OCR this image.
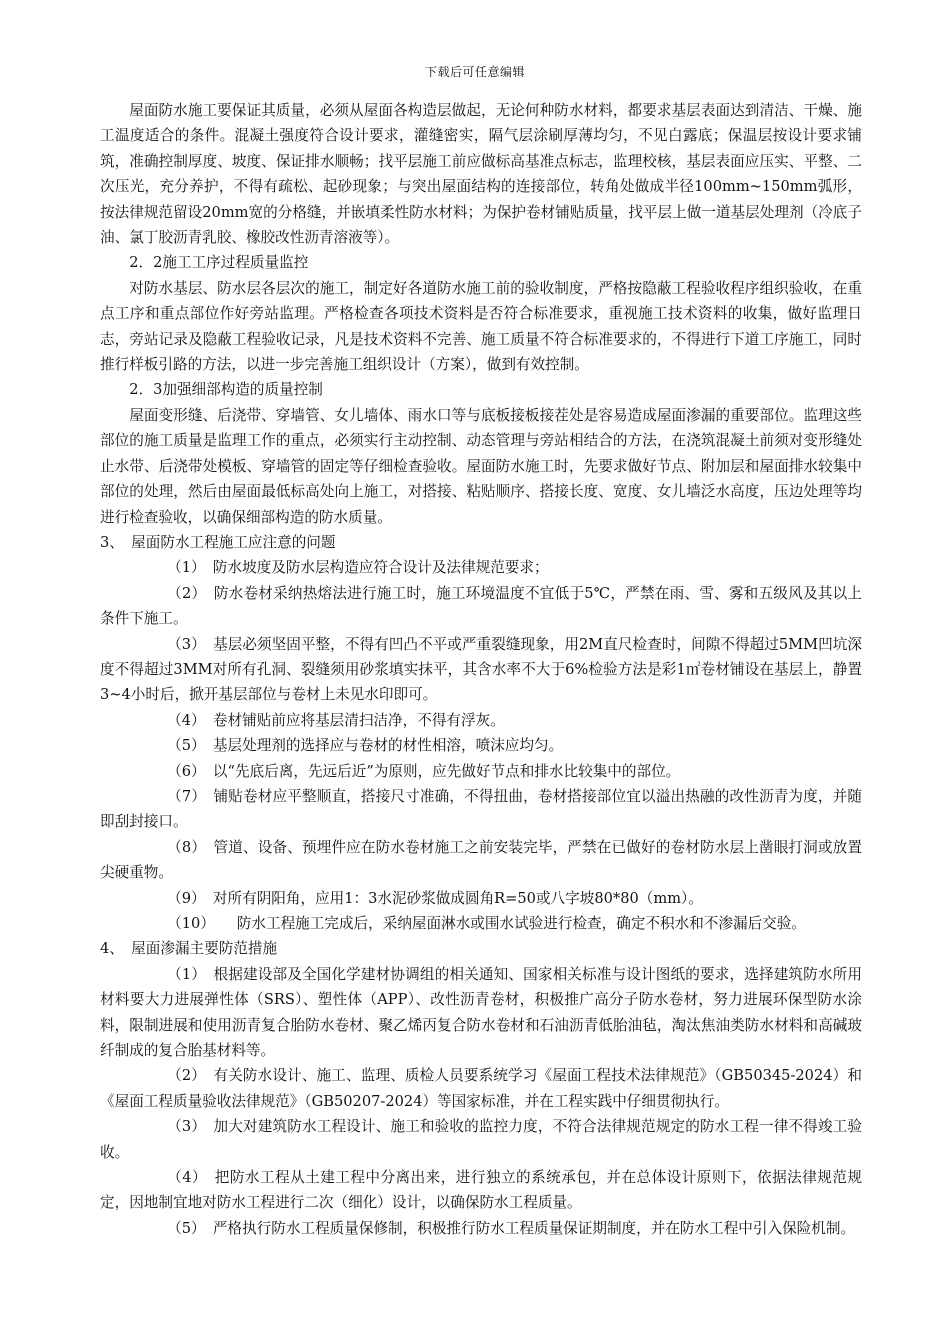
下载后可任意编辑

屋面防水施工要保证其质量，必须从屋面各构造层做起，无论何种防水材料，都要求基层表面达到清洁、干燥、施工温度适合的条件。混凝土强度符合设计要求，灌缝密实，隔气层涂刷厚薄均匀，不见白露底；保温层按设计要求铺筑，准确控制厚度、坡度、保证排水顺畅；找平层施工前应做标高基准点标志，监理校核，基层表面应压实、平整、二次压光，充分养护，不得有疏松、起砂现象；与突出屋面结构的连接部位，转角处做成半径100mm~150mm弧形，按法律规范留设20mm宽的分格缝，并嵌填柔性防水材料；为保护卷材铺贴质量，找平层上做一道基层处理剂（冷底子油、氯丁胶沥青乳胶、橡胶改性沥青溶液等）。

2．2施工工序过程质量监控

对防水基层、防水层各层次的施工，制定好各道防水施工前的验收制度，严格按隐蔽工程验收程序组织验收，在重点工序和重点部位作好旁站监理。严格检查各项技术资料是否符合标准要求，重视施工技术资料的收集，做好监理日志，旁站记录及隐蔽工程验收记录，凡是技术资料不完善、施工质量不符合标准要求的，不得进行下道工序施工，同时推行样板引路的方法，以进一步完善施工组织设计（方案），做到有效控制。

2．3加强细部构造的质量控制

屋面变形缝、后浇带、穿墙管、女儿墙体、雨水口等与底板接板接茬处是容易造成屋面渗漏的重要部位。监理这些部位的施工质量是监理工作的重点，必须实行主动控制、动态管理与旁站相结合的方法，在浇筑混凝土前须对变形缝处止水带、后浇带处模板、穿墙管的固定等仔细检查验收。屋面防水施工时，先要求做好节点、附加层和屋面排水较集中部位的处理，然后由屋面最低标高处向上施工，对搭接、粘贴顺序、搭接长度、宽度、女儿墙泛水高度，压边处理等均进行检查验收，以确保细部构造的防水质量。

3、　屋面防水工程施工应注意的问题

（1）　防水坡度及防水层构造应符合设计及法律规范要求；

（2）　防水卷材采纳热熔法进行施工时，施工环境温度不宜低于5℃，严禁在雨、雪、雾和五级风及其以上条件下施工。

（3）　基层必须坚固平整，不得有凹凸不平或严重裂缝现象，用2M直尺检查时，间隙不得超过5MM凹坑深度不得超过3MM对所有孔洞、裂缝须用砂浆填实抹平，其含水率不大于6%检验方法是彩1㎡卷材铺设在基层上，静置3~4小时后，掀开基层部位与卷材上未见水印即可。

（4）　卷材铺贴前应将基层清扫洁净，不得有浮灰。

（5）　基层处理剂的选择应与卷材的材性相溶，喷沫应均匀。

（6）　以“先底后离，先远后近”为原则，应先做好节点和排水比较集中的部位。

（7）　铺贴卷材应平整顺直，搭接尺寸准确，不得扭曲，卷材搭接部位宜以溢出热融的改性沥青为度，并随即刮封接口。

（8）　管道、设备、预埋件应在防水卷材施工之前安装完毕，严禁在已做好的卷材防水层上凿眼打洞或放置尖硬重物。

（9）　对所有阴阳角，应用1：3水泥砂浆做成圆角R=50或八字坡80*80（mm）。

（10）　　防水工程施工完成后，采纳屋面淋水或围水试验进行检查，确定不积水和不渗漏后交验。

4、　屋面渗漏主要防范措施

（1）　根据建设部及全国化学建材协调组的相关通知、国家相关标准与设计图纸的要求，选择建筑防水所用材料要大力进展弹性体（SRS）、塑性体（APP）、改性沥青卷材，积极推广高分子防水卷材，努力进展环保型防水涂料，限制进展和使用沥青复合胎防水卷材、聚乙烯丙复合防水卷材和石油沥青低胎油毡，淘汰焦油类防水材料和高碱玻纤制成的复合胎基材料等。

（2）　有关防水设计、施工、监理、质检人员要系统学习《屋面工程技术法律规范》（GB50345-2024）和《屋面工程质量验收法律规范》（GB50207-2024）等国家标准，并在工程实践中仔细贯彻执行。

（3）　加大对建筑防水工程设计、施工和验收的监控力度，不符合法律规范规定的防水工程一律不得竣工验收。

（4）　把防水工程从土建工程中分离出来，进行独立的系统承包，并在总体设计原则下，依据法律规范规定，因地制宜地对防水工程进行二次（细化）设计，以确保防水工程质量。

（5）　严格执行防水工程质量保修制，积极推行防水工程质量保证期制度，并在防水工程中引入保险机制。
